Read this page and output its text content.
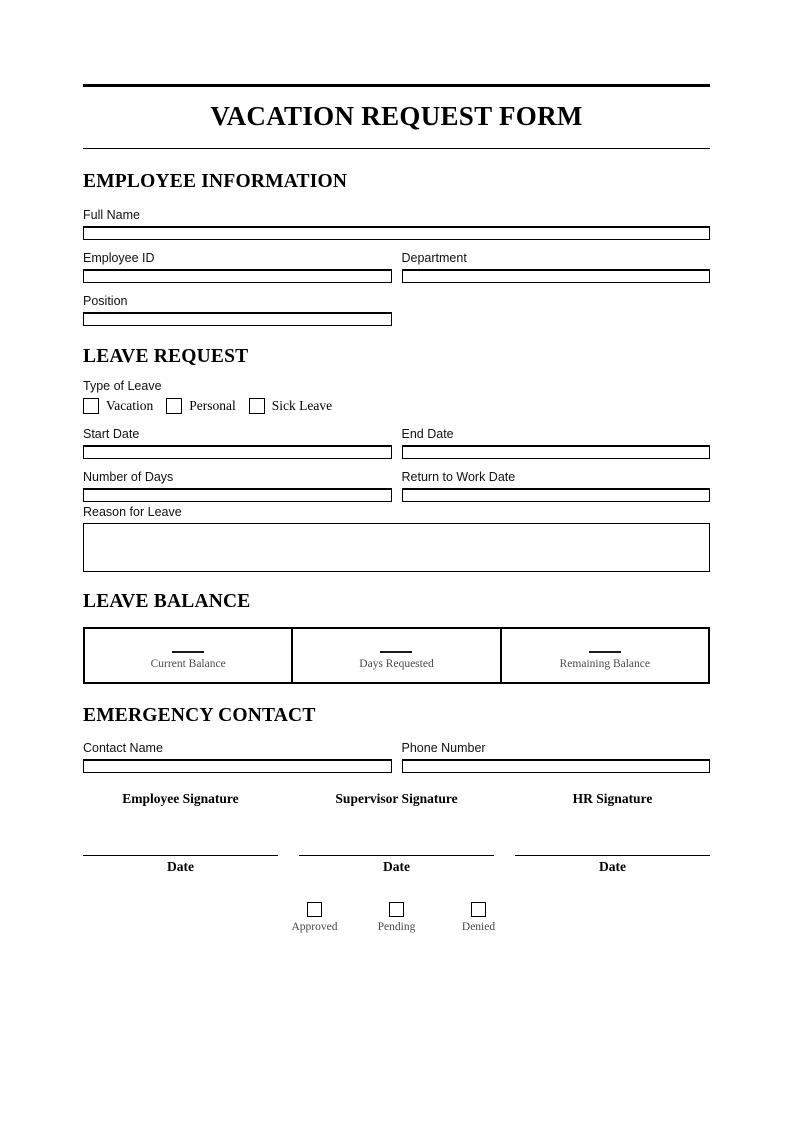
VACATION REQUEST FORM
EMPLOYEE INFORMATION
Full Name
Employee ID	Department
Position
LEAVE REQUEST
Type of Leave
Vacation	Personal	Sick Leave
Start Date	End Date
Number of Days	Return to Work Date
Reason for Leave
LEAVE BALANCE
Current Balance	Days Requested	Remaining Balance
EMERGENCY CONTACT
Contact Name	Phone Number
Employee Signature
Date
Supervisor Signature
Date
HR Signature
Date
Approved	Pending	Denied
